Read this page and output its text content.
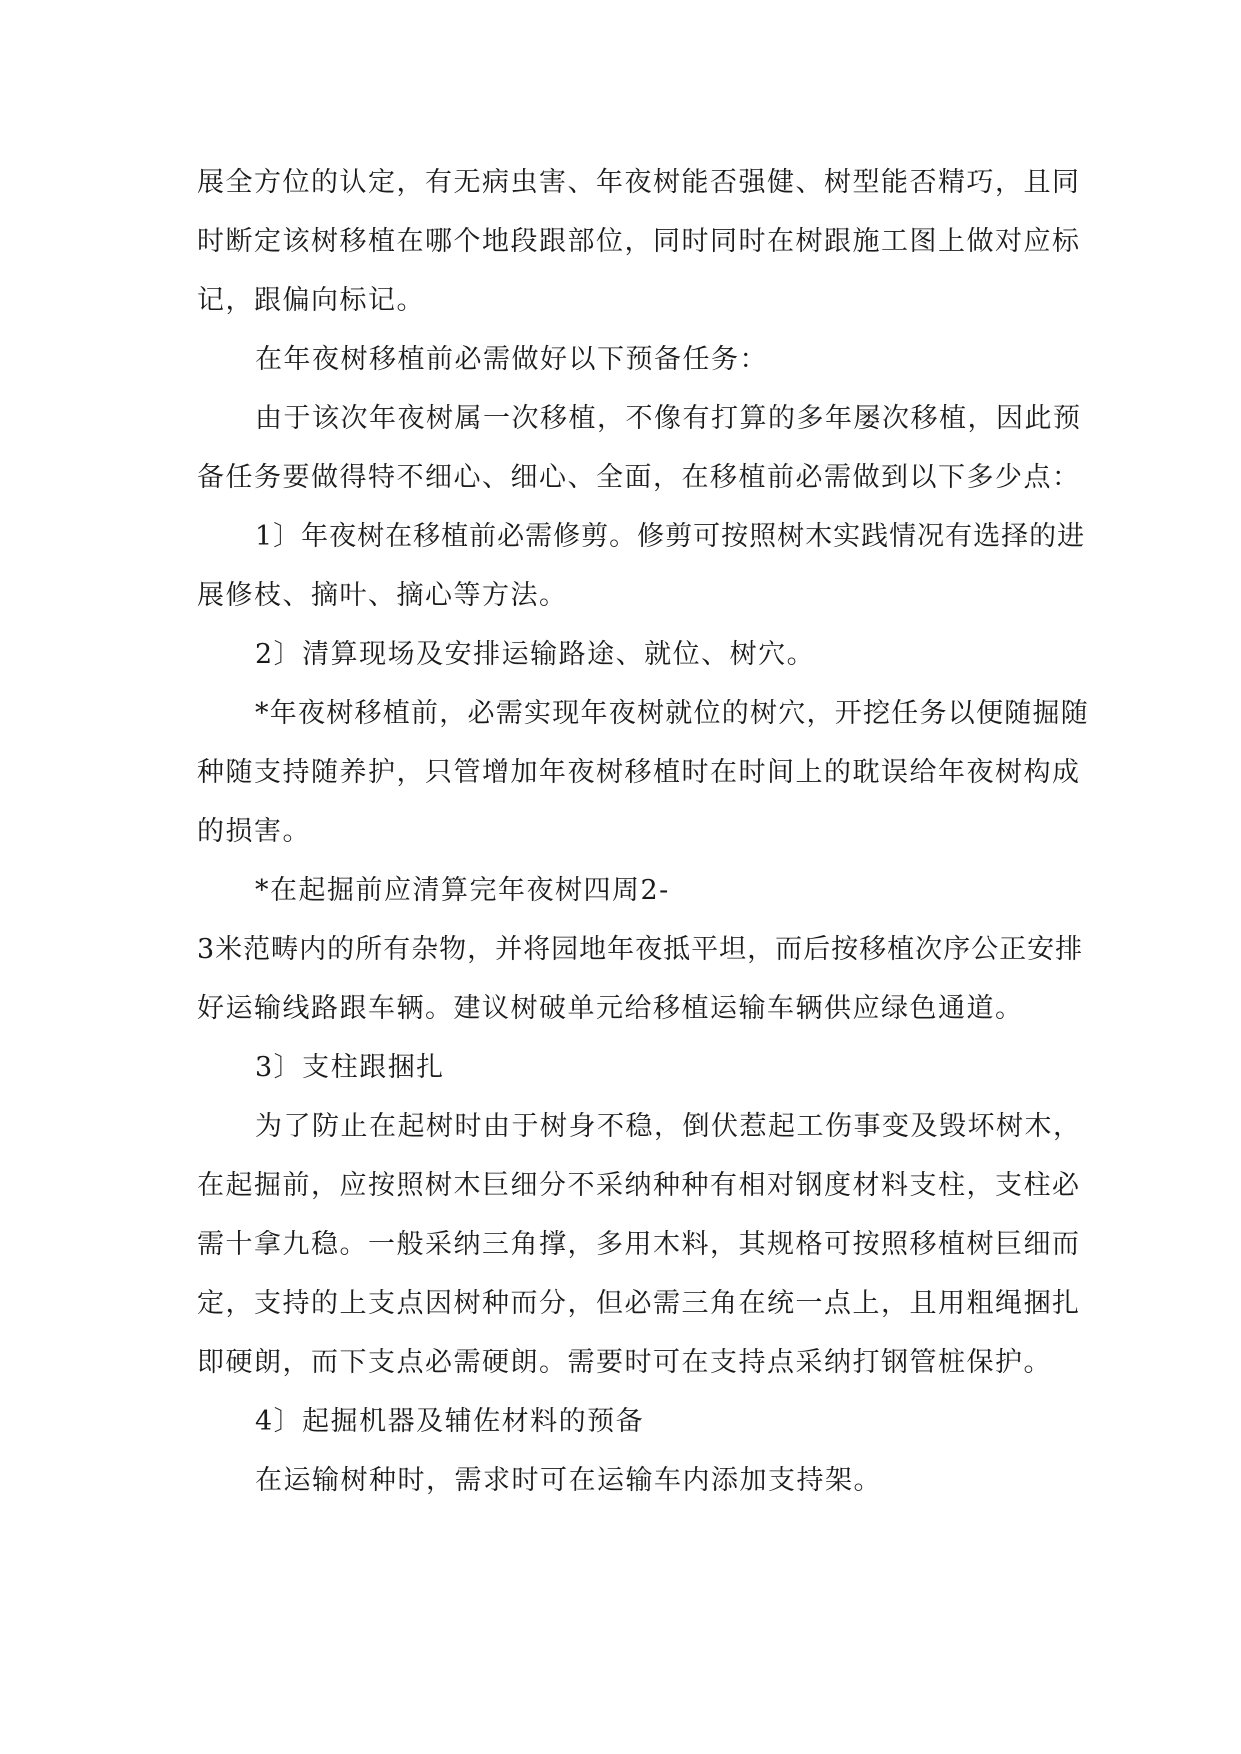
展全方位的认定，有无病虫害、年夜树能否强健、树型能否精巧，且同

时断定该树移植在哪个地段跟部位，同时同时在树跟施工图上做对应标

记，跟偏向标记。

在年夜树移植前必需做好以下预备任务：

由于该次年夜树属一次移植，不像有打算的多年屡次移植，因此预

备任务要做得特不细心、细心、全面，在移植前必需做到以下多少点：

1〕年夜树在移植前必需修剪。修剪可按照树木实践情况有选择的进

展修枝、摘叶、摘心等方法。

2〕清算现场及安排运输路途、就位、树穴。

*年夜树移植前，必需实现年夜树就位的树穴，开挖任务以便随掘随

种随支持随养护，只管增加年夜树移植时在时间上的耽误给年夜树构成

的损害。

*在起掘前应清算完年夜树四周2-

3米范畴内的所有杂物，并将园地年夜抵平坦，而后按移植次序公正安排

好运输线路跟车辆。建议树破单元给移植运输车辆供应绿色通道。

3〕支柱跟捆扎

为了防止在起树时由于树身不稳，倒伏惹起工伤事变及毁坏树木，

在起掘前，应按照树木巨细分不采纳种种有相对钢度材料支柱，支柱必

需十拿九稳。一般采纳三角撑，多用木料，其规格可按照移植树巨细而

定，支持的上支点因树种而分，但必需三角在统一点上，且用粗绳捆扎

即硬朗，而下支点必需硬朗。需要时可在支持点采纳打钢管桩保护。

4〕起掘机器及辅佐材料的预备

在运输树种时，需求时可在运输车内添加支持架。
